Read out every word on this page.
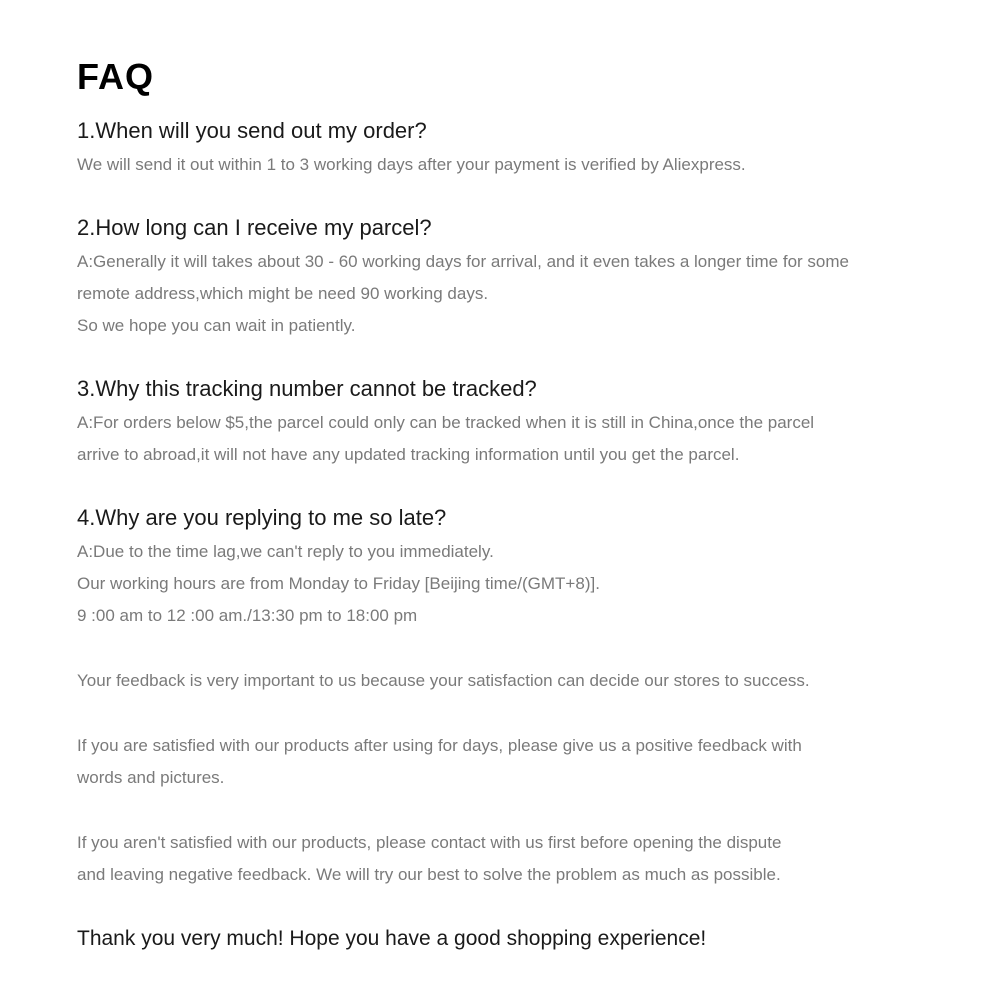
FAQ
1.When will you send out my order?

We will send it out within 1 to 3 working days after your payment is verified by Aliexpress.

2.How long can I receive my parcel?

A:Generally it will takes about 30 - 60 working days for arrival, and it even takes a longer time for some

remote address,which might be need 90 working days.

So we hope you can wait in patiently.

3.Why this tracking number cannot be tracked?

A:For orders below $5,the parcel could only can be tracked when it is still in China,once the parcel

arrive to abroad,it will not have any updated tracking information until you get the parcel.

4.Why are you replying to me so late?

A:Due to the time lag,we can't reply to you immediately.

Our working hours are from Monday to Friday [Beijing time/(GMT+8)].

9 :00 am to 12 :00 am./13:30 pm to 18:00 pm

Your feedback is very important to us because your satisfaction can decide our stores to success.

If you are satisfied with our products after using for days, please give us a positive feedback with

words and pictures.

If you aren't satisfied with our products, please contact with us first before opening the dispute

and leaving negative feedback. We will try our best to solve the problem as much as possible.

Thank you very much! Hope you have a good shopping experience!
